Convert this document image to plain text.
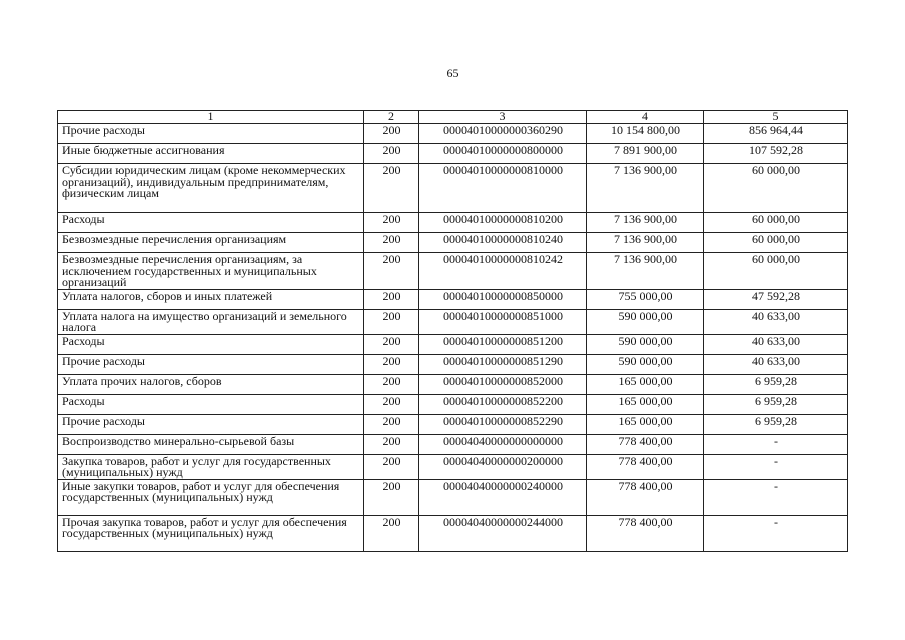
65
1	2	3	4	5
Прочие расходы	200	00004010000000360290	10 154 800,00	856 964,44
Иные бюджетные ассигнования	200	00004010000000800000	7 891 900,00	107 592,28
Субсидии юридическим лицам (кроме некоммерческих организаций), индивидуальным предпринимателям, физическим лицам	200	00004010000000810000	7 136 900,00	60 000,00
Расходы	200	00004010000000810200	7 136 900,00	60 000,00
Безвозмездные перечисления организациям	200	00004010000000810240	7 136 900,00	60 000,00
Безвозмездные перечисления организациям, за исключением государственных и муниципальных организаций	200	00004010000000810242	7 136 900,00	60 000,00
Уплата налогов, сборов и иных платежей	200	00004010000000850000	755 000,00	47 592,28
Уплата налога на имущество организаций и земельного налога	200	00004010000000851000	590 000,00	40 633,00
Расходы	200	00004010000000851200	590 000,00	40 633,00
Прочие расходы	200	00004010000000851290	590 000,00	40 633,00
Уплата прочих налогов, сборов	200	00004010000000852000	165 000,00	6 959,28
Расходы	200	00004010000000852200	165 000,00	6 959,28
Прочие расходы	200	00004010000000852290	165 000,00	6 959,28
Воспроизводство минерально-сырьевой базы	200	00004040000000000000	778 400,00	-
Закупка товаров, работ и услуг для государственных (муниципальных) нужд	200	00004040000000200000	778 400,00	-
Иные закупки товаров, работ и услуг для обеспечения государственных (муниципальных) нужд	200	00004040000000240000	778 400,00	-
Прочая закупка товаров, работ и услуг для обеспечения государственных (муниципальных) нужд	200	00004040000000244000	778 400,00	-
